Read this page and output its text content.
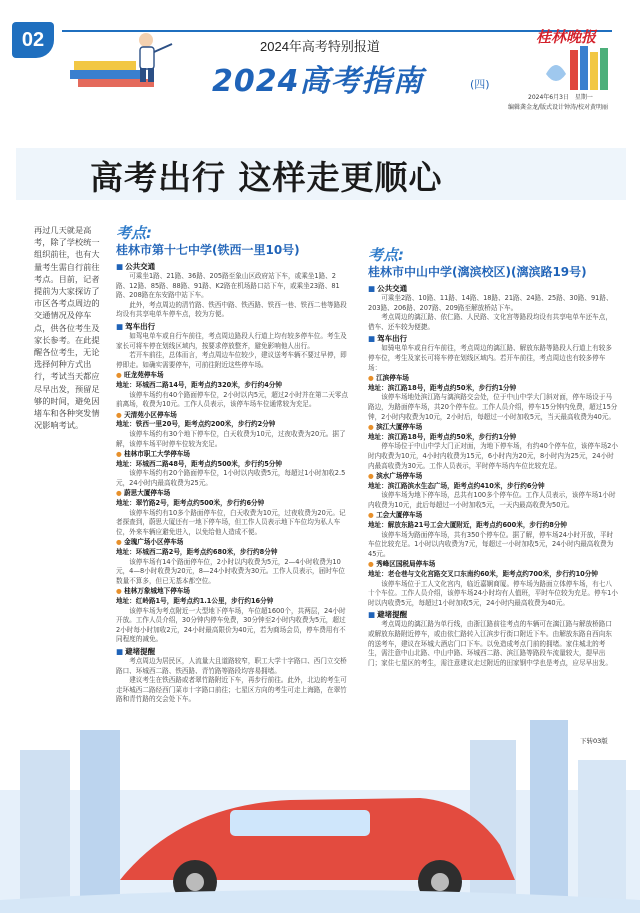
02	2024年高考特别报道
2024高考指南	(四)
桂林晚报
2024年6月3日　星期一
编辑龚金龙/版式设计钟涛/校对黄明丽
高考出行 这样走更顺心
再过几天就是高考，除了学校统一组织前往，也有大量考生需自行前往考点。目前，记者提前为大家探访了市区各考点周边的交通情况及停车点，供各位考生及家长参考。在此提醒各位考生，无论选择何种方式出行，考试当天都应尽早出发，预留足够的时间，避免因堵车和各种突发情况影响考试。
考点:
桂林市第十七中学(铁西一里10号)
■ 公共交通
可乘坐1路、21路、36路、205路至象山区政府站下车，或乘坐1路、2路、12路、85路、88路、91路、K2路在机场路口站下车，或乘坐23路、81路、208路在东安路中站下车。
此外，考点周边的清竹路、铁西中路、铁西路、铁西一巷、铁西二巷等路段均设有共享电单车停车点，较为方便。
■ 驾车出行
如驾电单车或自行车前往，考点周边路段人行道上均有较多停车位。考生及家长可将车停在划线区域内，按要求停放整齐，避免影响他人出行。
若开车前往，总体而言，考点周边车位较少，建议送考车辆不要过早停，即停即走。如确实需要停车，可前往附近这些停车场。
● 旺龙苑停车场
地址：环城西二路14号，距考点约320米，步行约4分钟
该停车场约有40个路面停车位，2小时以内5元，超过2小时并在第二天零点前离场，收费为10元。工作人员表示，该停车场车位通常较为充足。
● 天清苑小区停车场
地址：铁西一里20号，距考点约200米，步行约2分钟
该停车场约有30个地下停车位，白天收费为10元，过夜收费为20元。据了解，该停车场平时停车位较为充足。
● 桂林市职工大学停车场
地址：环城西二路48号，距考点约500米，步行约5分钟
该停车场约有20个路面停车位，1小时以内收费5元，每超过1小时加收2.5元，24小时内最高收费为25元。
● 蔚思大厦停车场
地址：翠竹路2号，距考点约500米，步行约6分钟
该停车场约有10多个路面停车位，白天收费为10元，过夜收费为20元。记者探查到，蔚思大厦还有一地下停车场，但工作人员表示地下车位均为私人车位，外来车辆应避免进入，以免给他人造成不便。
● 金瑰广场小区停车场
地址：环城西二路2号，距考点约680米，步行约8分钟
该停车场有14个路面停车位，2小时以内收费为5元，2—4小时收费为10元，4—8小时收费为20元，8—24小时收费为30元。工作人员表示，届时车位数量不算多，但已无基本都空位。
● 桂林万象城地下停车场
地址：红岭路1号，距考点约1.1公里，步行约16分钟
该停车场为考点附近一大型地下停车场，车位超1600个，共两层，24小时开放。工作人员介绍，30分钟内停车免费，30分钟至2小时内收费为5元，超过2小时每小时加收2元，24小时最高限价为40元，若为商场会员，停车费用有不同程度的减免。
■ 避堵提醒
考点周边为居民区，人流量大且道路较窄，职工大学十字路口、西门立交桥路口、环城西二路、铁西路、青竹路等路段均容易拥堵。
建议考生在铁西路或者翠竹路附近下车，再步行前往。此外，北边的考生可走环城西二路经西门菜市十字路口前往；七星区方向的考生可走上海路，在翠竹路和青竹路的交会处下车。
考点:
桂林市中山中学(漓滨校区)(漓滨路19号)
■ 公共交通
可乘坐2路、10路、11路、14路、18路、21路、24路、25路、30路、91路、203路、206路、207路、209路至解放桥站下车。
考点周边的漓江路、依仁路、人民路、文化宫等路段均设有共享电单车还车点，借车、还车较为便捷。
■ 驾车出行
如骑电单车或自行车前往，考点周边的漓江路、解放东路等路段人行道上有较多停车位，考生及家长可将车停在划线区域内。若开车前往，考点周边也有较多停车场：
● 江滨停车场
地址：滨江路18号，距考点约50米，步行约1分钟
该停车场地处滨江路与漓滨路交会处，位于中山中学大门斜对面，停车场设于马路边，为路面停车场，共20个停车位。工作人员介绍，停车15分钟内免费，超过15分钟，2小时内收费为10元，2小时后，每超过一小时加收5元，当天最高收费为40元。
● 滨江大厦停车场
地址：滨江路18号，距考点约50米，步行约1分钟
停车场位于中山中学大门正对面，为地下停车场，有约40个停车位，该停车场2小时内收费为10元，4小时内收费为15元，6小时内为20元，8小时内为25元，24小时内最高收费为30元。工作人员表示，平时停车场内车位比较充足。
● 滨水广场停车场
地址：滨江路滨水生态广场，距考点约410米，步行约6分钟
该停车场为地下停车场，总共有100多个停车位。工作人员表示，该停车场1小时内收费为10元，此后每超过一小时加收5元，一天内最高收费为50元。
● 工会大厦停车场
地址：解放东路21号工会大厦附近，距考点约600米，步行约8分钟
该停车场为路面停车场，共有350个停车位。据了解，停车场24小时开放，平时车位比较充足。1小时以内收费为7元，每超过一小时加收5元，24小时内最高收费为45元。
● 秀峰区国税局停车场
地址：老仓巷与文化宫路交叉口东南约60米，距考点约700米，步行约10分钟
该停车场位于工人文化宫内，临近嘉娴商厦。停车场为路面立体停车场，有七八十个车位。工作人员介绍，该停车场24小时均有人值班，平时车位较为充足。停车1小时以内收费5元，每超过1小时加收5元，24小时内最高收费为40元。
■ 避堵提醒
考点周边的漓江路为单行线，由浙江路前往考点的车辆可在漓江路与解放桥路口或解放东路附近停车，或由依仁路转入江滨步行街口附近下车。由解放东路自西向东的送考车，建议在环城大酒店门口下车。以免造成考点门前的拥堵。家住城北的考生，需注意中山北路、中山中路、环城西二路、滨江路等路段车流量较大，提早出门；家住七星区的考生，需注意建议走过附近的田家钢中学也是考点，应尽早出发。
下转03版
